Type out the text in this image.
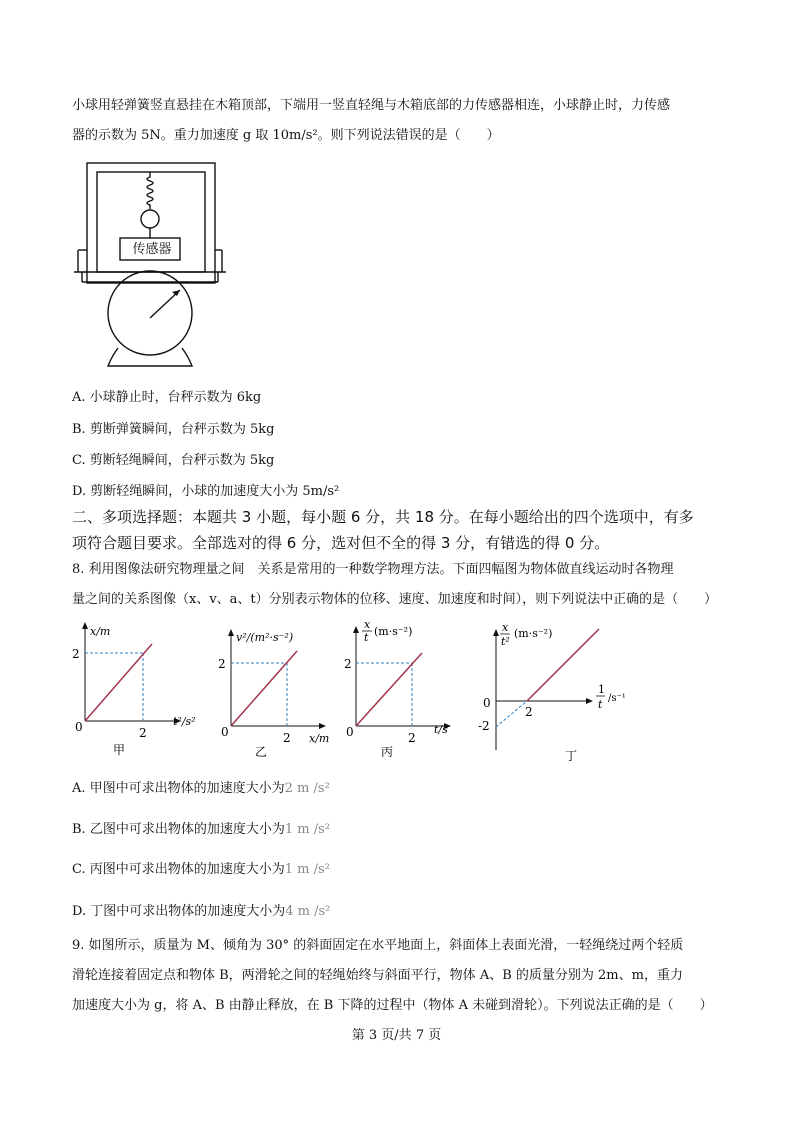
小球用轻弹簧竖直悬挂在木箱顶部，下端用一竖直轻绳与木箱底部的力传感器相连，小球静止时，力传感
器的示数为 5N。重力加速度 g 取 10m/s²。则下列说法错误的是（　　）
传感器
A. 小球静止时，台秤示数为 6kg
B. 剪断弹簧瞬间，台秤示数为 5kg
C. 剪断轻绳瞬间，台秤示数为 5kg
D. 剪断轻绳瞬间，小球的加速度大小为 5m/s²
二、多项选择题：本题共 3 小题，每小题 6 分，共 18 分。在每小题给出的四个选项中，有多
项符合题目要求。全部选对的得 6 分，选对但不全的得 3 分，有错选的得 0 分。
8. 利用图像法研究物理量之间　关系是常用的一种数学物理方法。下面四幅图为物体做直线运动时各物理
量之间的关系图像（x、v、a、t）分别表示物体的位移、速度、加速度和时间），则下列说法中正确的是（　　）
x/m
t²/s²
2
2
0
甲
v²/(m²·s⁻²)
x/m
2
2
0
乙
x
t (m·s⁻²)
t/s
2
2
0
丙
x
t²
(m·s⁻²)
1
t /s⁻¹
-2
2
0
丁
A. 甲图中可求出物体的加速度大小为2 m /s²
B. 乙图中可求出物体的加速度大小为1 m /s²
C. 丙图中可求出物体的加速度大小为1 m /s²
D. 丁图中可求出物体的加速度大小为4 m /s²
9. 如图所示，质量为 M、倾角为 30° 的斜面固定在水平地面上，斜面体上表面光滑，一轻绳绕过两个轻质
滑轮连接着固定点和物体 B，两滑轮之间的轻绳始终与斜面平行，物体 A、B 的质量分别为 2m、m，重力
加速度大小为 g，将 A、B 由静止释放，在 B 下降的过程中（物体 A 未碰到滑轮）。下列说法正确的是（　　）
第 3 页/共 7 页
